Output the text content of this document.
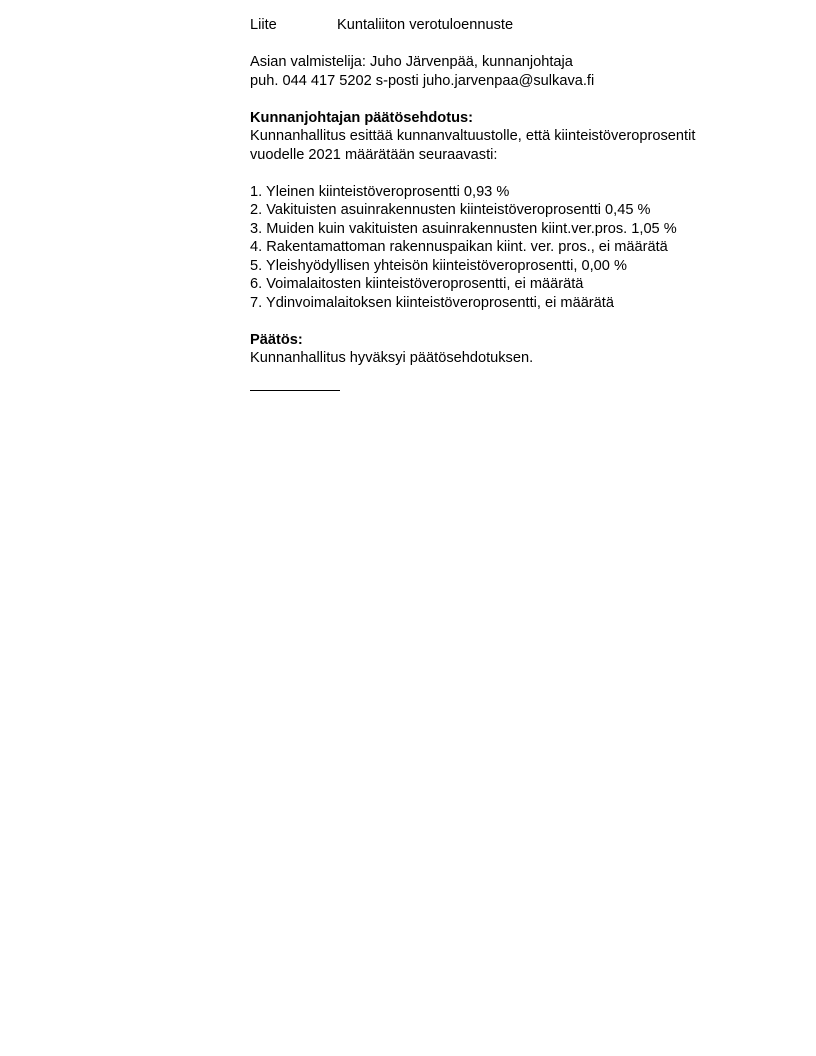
Liite	Kuntaliiton verotuloennuste
Asian valmistelija: Juho Järvenpää, kunnanjohtaja
puh. 044 417 5202 s-posti juho.jarvenpaa@sulkava.fi
Kunnanjohtajan päätösehdotus:
Kunnanhallitus esittää kunnanvaltuustolle, että kiinteistöveroprosentit
vuodelle 2021 määrätään seuraavasti:
1. Yleinen kiinteistöveroprosentti 0,93 %
2. Vakituisten asuinrakennusten kiinteistöveroprosentti 0,45 %
3. Muiden kuin vakituisten asuinrakennusten kiint.ver.pros. 1,05 %
4. Rakentamattoman rakennuspaikan kiint. ver. pros., ei määrätä
5. Yleishyödyllisen yhteisön kiinteistöveroprosentti, 0,00 %
6. Voimalaitosten kiinteistöveroprosentti, ei määrätä
7. Ydinvoimalaitoksen kiinteistöveroprosentti, ei määrätä
Päätös:
Kunnanhallitus hyväksyi päätösehdotuksen.
